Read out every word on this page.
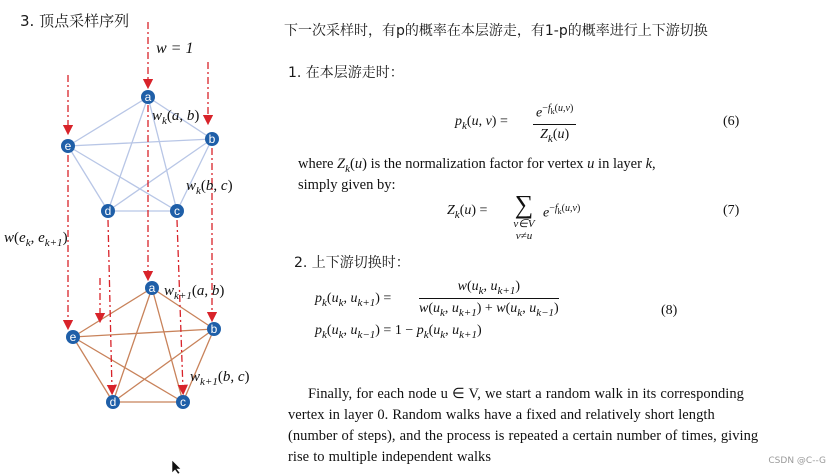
3. 顶点采样序列
a
b
c
d
e
a
b
c
d
e
w = 1
$w_k(a$, b)
$w_k(b$, c)
$w(e_k$, $e_{k+1}$)
$w_{k+1}(a$, b)
$w_{k+1}(b$, c)
下一次采样时，有p的概率在本层游走，有1-p的概率进行上下游切换
1. 在本层游走时：
$p_k(u$, $v) = \frac{e^{-f_k(u,v)}}{Z_k(u)}$	(6)
where $Z_k(u)$ is the normalization factor for vertex u in layer k,
simply given by:
$Z_k(u)$ = ∑
v∈V
v≠u
$e^{-f_k(u,v)}$	(7)
2. 上下游切换时：
$p_k(u_k$, $u_{k+1}) = \frac{w(u_k, u_{k+1})}{w(u_k, u_{k+1}) + w(u_k, u_{k-1})}$	(8)
$p_k(u_k$, $u_{k-1}) = 1 - p_k(u_k$, $u_{k+1}$)
Finally, for each node u ∈ V, we start a random walk in its corresponding vertex in layer 0. Random walks have a fixed and relatively short length (number of steps), and the process is repeated a certain number of times, giving rise to multiple independent walks	CSDN @C--G
